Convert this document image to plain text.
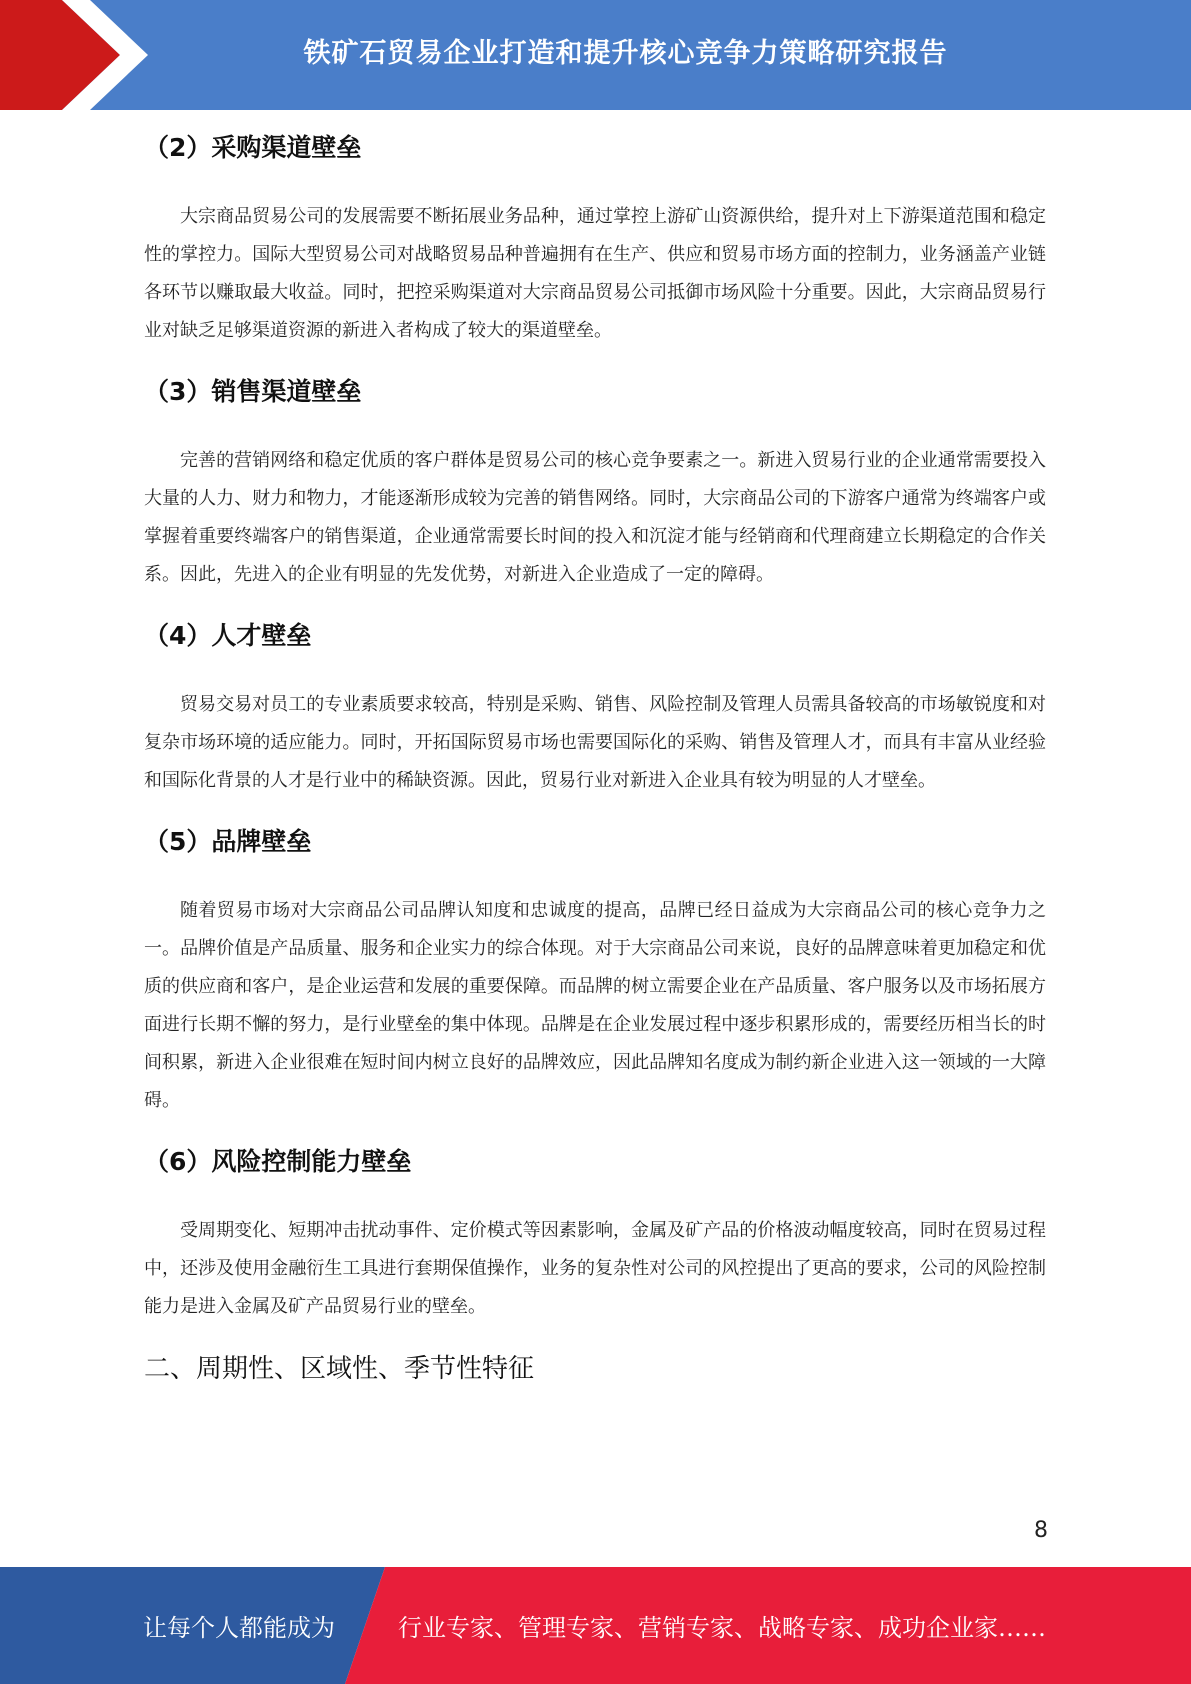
铁矿石贸易企业打造和提升核心竞争力策略研究报告
（2）采购渠道壁垒

大宗商品贸易公司的发展需要不断拓展业务品种，通过掌控上游矿山资源供给，提升对上下游渠道范围和稳定性的掌控力。国际大型贸易公司对战略贸易品种普遍拥有在生产、供应和贸易市场方面的控制力，业务涵盖产业链各环节以赚取最大收益。同时，把控采购渠道对大宗商品贸易公司抵御市场风险十分重要。因此，大宗商品贸易行业对缺乏足够渠道资源的新进入者构成了较大的渠道壁垒。

（3）销售渠道壁垒

完善的营销网络和稳定优质的客户群体是贸易公司的核心竞争要素之一。新进入贸易行业的企业通常需要投入大量的人力、财力和物力，才能逐渐形成较为完善的销售网络。同时，大宗商品公司的下游客户通常为终端客户或掌握着重要终端客户的销售渠道，企业通常需要长时间的投入和沉淀才能与经销商和代理商建立长期稳定的合作关系。因此，先进入的企业有明显的先发优势，对新进入企业造成了一定的障碍。

（4）人才壁垒

贸易交易对员工的专业素质要求较高，特别是采购、销售、风险控制及管理人员需具备较高的市场敏锐度和对复杂市场环境的适应能力。同时，开拓国际贸易市场也需要国际化的采购、销售及管理人才，而具有丰富从业经验和国际化背景的人才是行业中的稀缺资源。因此，贸易行业对新进入企业具有较为明显的人才壁垒。

（5）品牌壁垒

随着贸易市场对大宗商品公司品牌认知度和忠诚度的提高，品牌已经日益成为大宗商品公司的核心竞争力之一。品牌价值是产品质量、服务和企业实力的综合体现。对于大宗商品公司来说，良好的品牌意味着更加稳定和优质的供应商和客户，是企业运营和发展的重要保障。而品牌的树立需要企业在产品质量、客户服务以及市场拓展方面进行长期不懈的努力，是行业壁垒的集中体现。品牌是在企业发展过程中逐步积累形成的，需要经历相当长的时间积累，新进入企业很难在短时间内树立良好的品牌效应，因此品牌知名度成为制约新企业进入这一领域的一大障碍。

（6）风险控制能力壁垒

受周期变化、短期冲击扰动事件、定价模式等因素影响，金属及矿产品的价格波动幅度较高，同时在贸易过程中，还涉及使用金融衍生工具进行套期保值操作，业务的复杂性对公司的风控提出了更高的要求，公司的风险控制能力是进入金属及矿产品贸易行业的壁垒。

二、周期性、区域性、季节性特征
8
让每个人都能成为	行业专家、管理专家、营销专家、战略专家、成功企业家……
